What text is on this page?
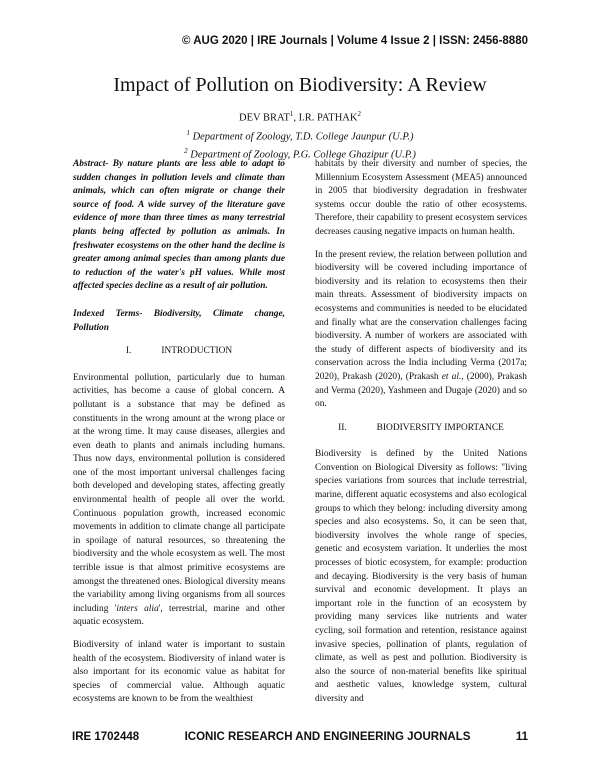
© AUG 2020 | IRE Journals | Volume 4 Issue 2 | ISSN: 2456-8880
Impact of Pollution on Biodiversity: A Review
DEV BRAT$^1$, I.R. PATHAK$^2$
$^1$ Department of Zoology, T.D. College Jaunpur (U.P.)
$^2$ Department of Zoology, P.G. College Ghazipur (U.P.)

Abstract- By nature plants are less able to adapt to sudden changes in pollution levels and climate than animals, which can often migrate or change their source of food. A wide survey of the literature gave evidence of more than three times as many terrestrial plants being affected by pollution as animals. In freshwater ecosystems on the other hand the decline is greater among animal species than among plants due to reduction of the water's pH values. While most affected species decline as a result of air pollution.

Indexed Terms- Biodiversity, Climate change, Pollution

I.	INTRODUCTION

Environmental pollution, particularly due to human activities, has become a cause of global concern. A pollutant is a substance that may be defined as constituents in the wrong amount at the wrong place or at the wrong time. It may cause diseases, allergies and even death to plants and animals including humans. Thus now days, environmental pollution is considered one of the most important universal challenges facing both developed and developing states, affecting greatly environmental health of people all over the world. Continuous population growth, increased economic movements in addition to climate change all participate in spoilage of natural resources, so threatening the biodiversity and the whole ecosystem as well. The most terrible issue is that almost primitive ecosystems are amongst the threatened ones. Biological diversity means the variability among living organisms from all sources including 'inters alia', terrestrial, marine and other aquatic ecosystem.

Biodiversity of inland water is important to sustain health of the ecosystem. Biodiversity of inland water is also important for its economic value as habitat for species of commercial value. Although aquatic ecosystems are known to be from the wealthiest

habitats by their diversity and number of species, the Millennium Ecosystem Assessment (MEA5) announced in 2005 that biodiversity degradation in freshwater systems occur double the ratio of other ecosystems. Therefore, their capability to present ecosystem services decreases causing negative impacts on human health.

In the present review, the relation between pollution and biodiversity will be covered including importance of biodiversity and its relation to ecosystems then their main threats. Assessment of biodiversity impacts on ecosystems and communities is needed to be elucidated and finally what are the conservation challenges facing biodiversity. A number of workers are associated with the study of different aspects of biodiversity and its conservation across the India including Verma (2017a; 2020), Prakash (2020), (Prakash et al., (2000), Prakash and Verma (2020), Yashmeen and Dugaje (2020) and so on.

II.	BIODIVERSITY IMPORTANCE

Biodiversity is defined by the United Nations Convention on Biological Diversity as follows: "living species variations from sources that include terrestrial, marine, different aquatic ecosystems and also ecological groups to which they belong: including diversity among species and also ecosystems. So, it can be seen that, biodiversity involves the whole range of species, genetic and ecosystem variation. It underlies the most processes of biotic ecosystem, for example: production and decaying. Biodiversity is the very basis of human survival and economic development. It plays an important role in the function of an ecosystem by providing many services like nutrients and water cycling, soil formation and retention, resistance against invasive species, pollination of plants, regulation of climate, as well as pest and pollution. Biodiversity is also the source of non-material benefits like spiritual and aesthetic values, knowledge system, cultural diversity and

IRE 1702448	ICONIC RESEARCH AND ENGINEERING JOURNALS	11
